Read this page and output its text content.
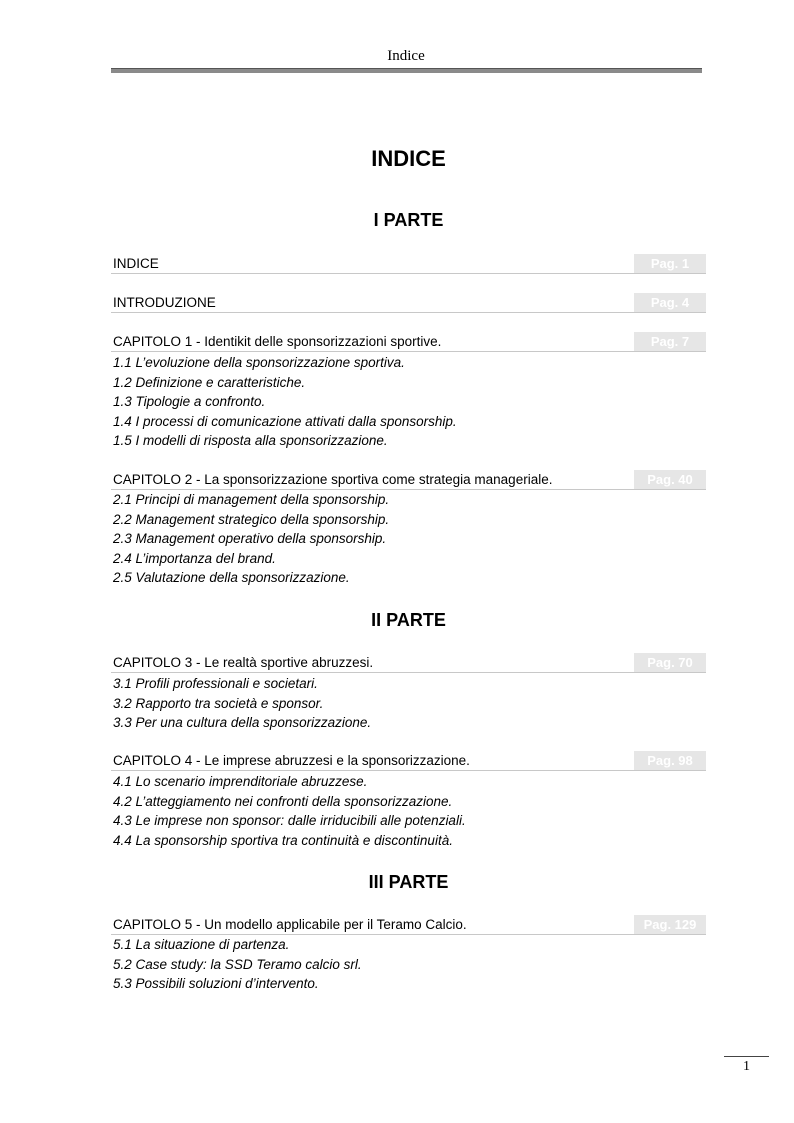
Indice
INDICE
I PARTE
INDICE	Pag. 1
INTRODUZIONE	Pag. 4
CAPITOLO 1 - Identikit delle sponsorizzazioni sportive.	Pag. 7
1.1 L’evoluzione della sponsorizzazione sportiva.
1.2 Definizione e caratteristiche.
1.3 Tipologie a confronto.
1.4 I processi di comunicazione attivati dalla sponsorship.
1.5 I modelli di risposta alla sponsorizzazione.
CAPITOLO 2 - La sponsorizzazione sportiva come strategia manageriale.	Pag. 40
2.1 Principi di management della sponsorship.
2.2 Management strategico della sponsorship.
2.3 Management operativo della sponsorship.
2.4 L’importanza del brand.
2.5 Valutazione della sponsorizzazione.
II PARTE
CAPITOLO 3 - Le realtà sportive abruzzesi.	Pag. 70
3.1 Profili professionali e societari.
3.2 Rapporto tra società e sponsor.
3.3 Per una cultura della sponsorizzazione.
CAPITOLO 4 - Le imprese abruzzesi e la sponsorizzazione.	Pag. 98
4.1 Lo scenario imprenditoriale abruzzese.
4.2 L’atteggiamento nei confronti della sponsorizzazione.
4.3 Le imprese non sponsor: dalle irriducibili alle potenziali.
4.4 La sponsorship sportiva tra continuità e discontinuità.
III PARTE
CAPITOLO 5 - Un modello applicabile per il Teramo Calcio.	Pag. 129
5.1 La situazione di partenza.
5.2 Case study: la SSD Teramo calcio srl.
5.3 Possibili soluzioni d’intervento.
1
